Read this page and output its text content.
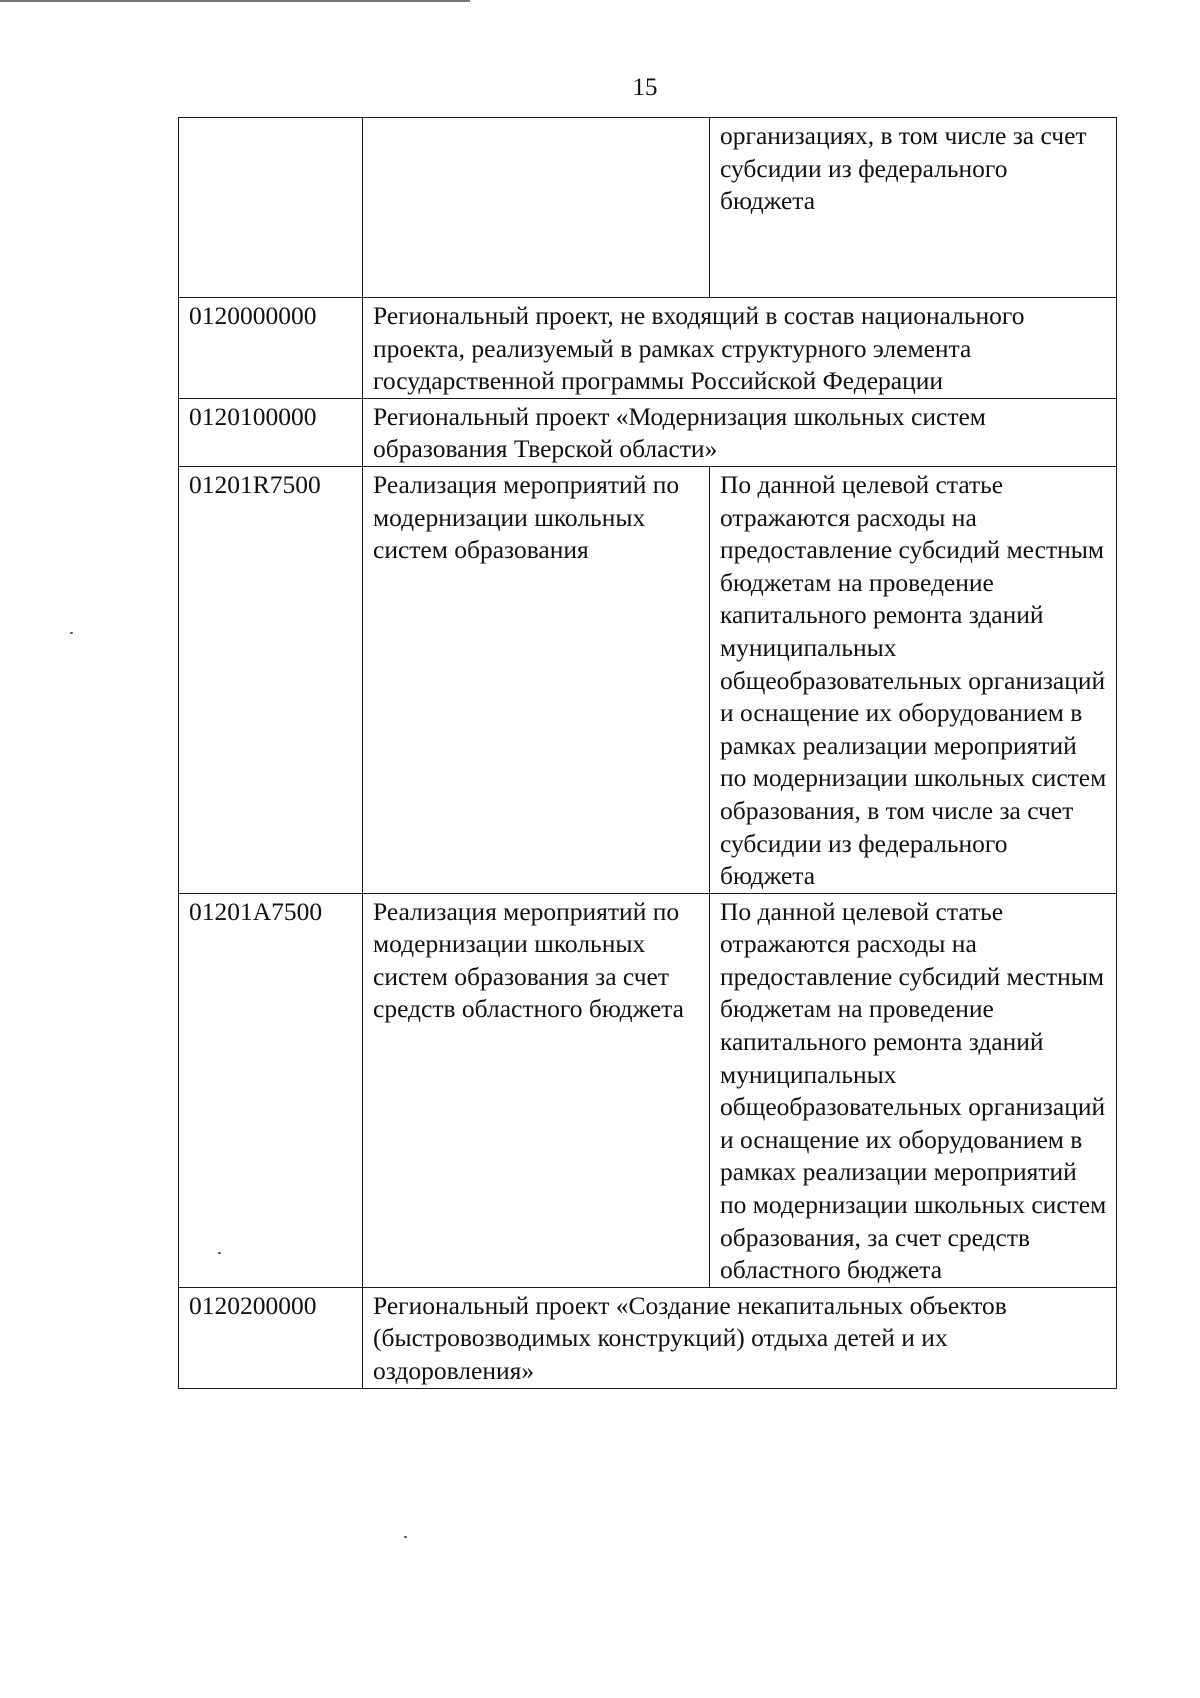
15
		организациях, в том числе за счет субсидии из федерального бюджета
0120000000	Региональный проект, не входящий в состав национального проекта, реализуемый в рамках структурного элемента государственной программы Российской Федерации	
0120100000	Региональный проект «Модернизация школьных систем образования Тверской области»	
01201R7500	Реализация мероприятий по модернизации школьных систем образования	По данной целевой статье отражаются расходы на предоставление субсидий местным бюджетам на проведение капитального ремонта зданий муниципальных общеобразовательных организаций и оснащение их оборудованием в рамках реализации мероприятий по модернизации школьных систем образования, в том числе за счет субсидии из федерального бюджета
01201A7500	Реализация мероприятий по модернизации школьных систем образования за счет средств областного бюджета	По данной целевой статье отражаются расходы на предоставление субсидий местным бюджетам на проведение капитального ремонта зданий муниципальных общеобразовательных организаций и оснащение их оборудованием в рамках реализации мероприятий по модернизации школьных систем образования, за счет средств областного бюджета
0120200000	Региональный проект «Создание некапитальных объектов (быстровозводимых конструкций) отдыха детей и их оздоровления»	
